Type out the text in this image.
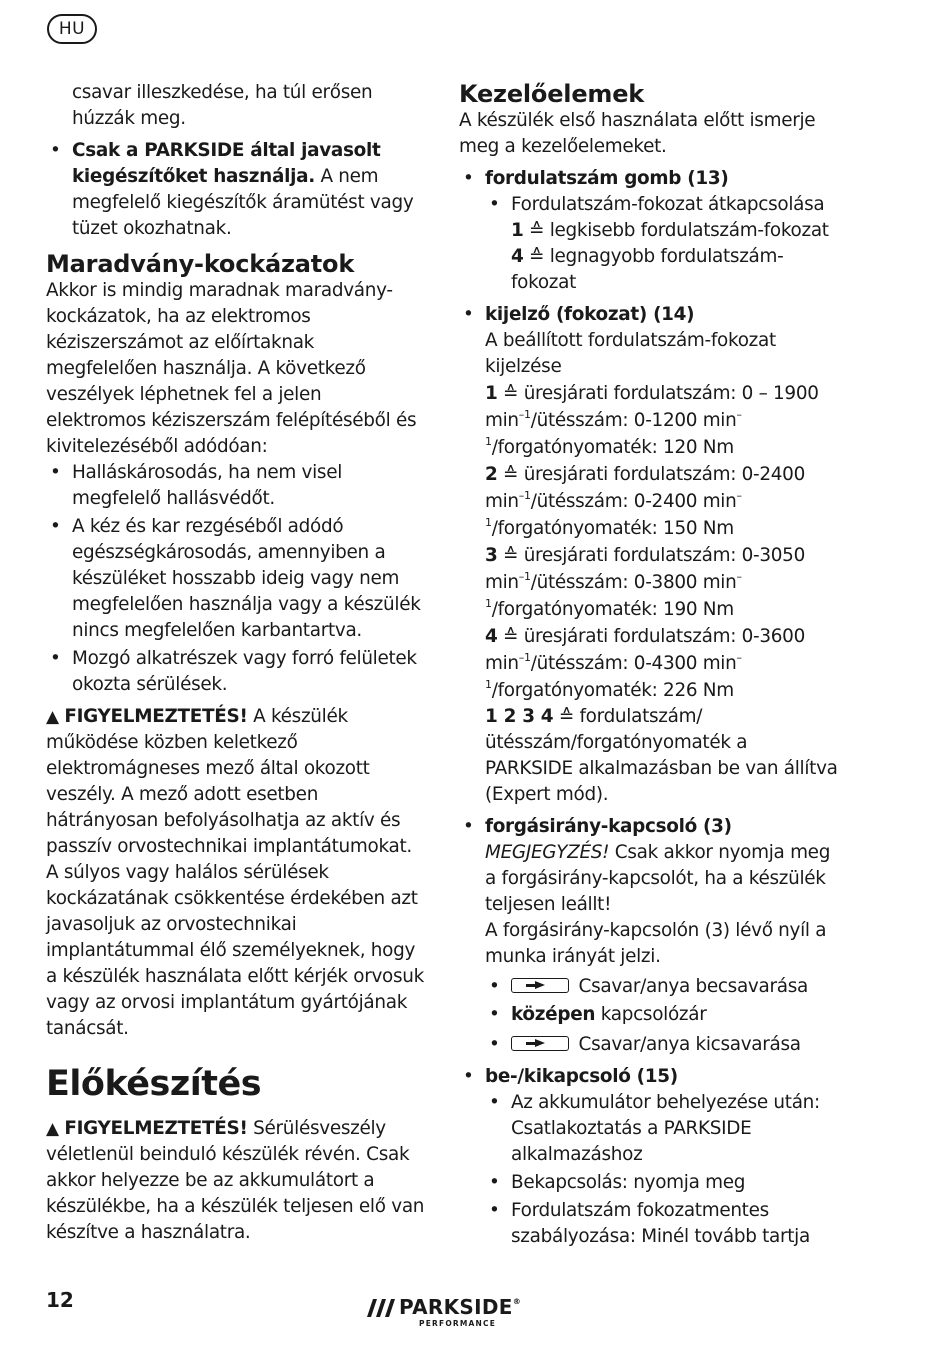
HU

csavar illeszkedése, ha túl erősen húzzák meg.

• Csak a PARKSIDE által javasolt kiegészítőket használja. A nem megfelelő kiegészítők áramütést vagy tüzet okozhatnak.
Maradvány-kockázatok

Akkor is mindig maradnak maradvány-kockázatok, ha az elektromos kéziszerszámot az előírtaknak megfelelően használja. A következő veszélyek léphetnek fel a jelen elektromos kéziszerszám felépítéséből és kivitelezéséből adódóan:

• Halláskárosodás, ha nem visel megfelelő hallásvédőt.
• A kéz és kar rezgéséből adódó egészségkárosodás, amennyiben a készüléket hosszabb ideig vagy nem megfelelően használja vagy a készülék nincs megfelelően karbantartva.
• Mozgó alkatrészek vagy forró felületek okozta sérülések.

▲ FIGYELMEZTETÉS! A készülék működése közben keletkező elektromágneses mező által okozott veszély. A mező adott esetben hátrányosan befolyásolhatja az aktív és passzív orvostechnikai implantátumokat. A súlyos vagy halálos sérülések kockázatának csökkentése érdekében azt javasoljuk az orvostechnikai implantátummal élő személyeknek, hogy a készülék használata előtt kérjék orvosuk vagy az orvosi implantátum gyártójának tanácsát.

Előkészítés

▲ FIGYELMEZTETÉS! Sérülésveszély véletlenül beinduló készülék révén. Csak akkor helyezze be az akkumulátort a készülékbe, ha a készülék teljesen elő van készítve a használatra.

Kezelőelemek

A készülék első használata előtt ismerje meg a kezelőelemeket.

• fordulatszám gomb (13)
• Fordulatszám-fokozat átkapcsolása
1 ≙ legkisebb fordulatszám-fokozat
4 ≙ legnagyobb fordulatszám-fokozat
• kijelző (fokozat) (14)

A beállított fordulatszám-fokozat kijelzése

1 ≙ üresjárati fordulatszám: 0 – 1900 $\min^{-1}$/ütésszám: 0-1200 $\min^{-1}$/forgatónyomaték: 120 Nm

2 ≙ üresjárati fordulatszám: 0-2400 $\min^{-1}$/ütésszám: 0-2400 $\min^{-1}$/forgatónyomaték: 150 Nm

3 ≙ üresjárati fordulatszám: 0-3050 $\min^{-1}$/ütésszám: 0-3800 $\min^{-1}$/forgatónyomaték: 190 Nm

4 ≙ üresjárati fordulatszám: 0-3600 $\min^{-1}$/ütésszám: 0-4300 $\min^{-1}$/forgatónyomaték: 226 Nm

1 2 3 4 ≙ fordulatszám/ütésszám/forgatónyomaték a PARKSIDE alkalmazásban be van állítva (Expert mód).

• forgásirány-kapcsoló (3)

MEGJEGYZÉS! Csak akkor nyomja meg a forgásirány-kapcsolót, ha a készülék teljesen leállt!

A forgásirány-kapcsolón (3) lévő nyíl a munka irányát jelzi.

• Csavar/anya becsavarása
• középen kapcsolózár
• Csavar/anya kicsavarása
• be-/kikapcsoló (15)
• Az akkumulátor behelyezése után: Csatlakoztatás a PARKSIDE alkalmazáshoz
• Bekapcsolás: nyomja meg
• Fordulatszám fokozatmentes szabályozása: Minél tovább tartja
12	PARKSIDE®
PERFORMANCE
